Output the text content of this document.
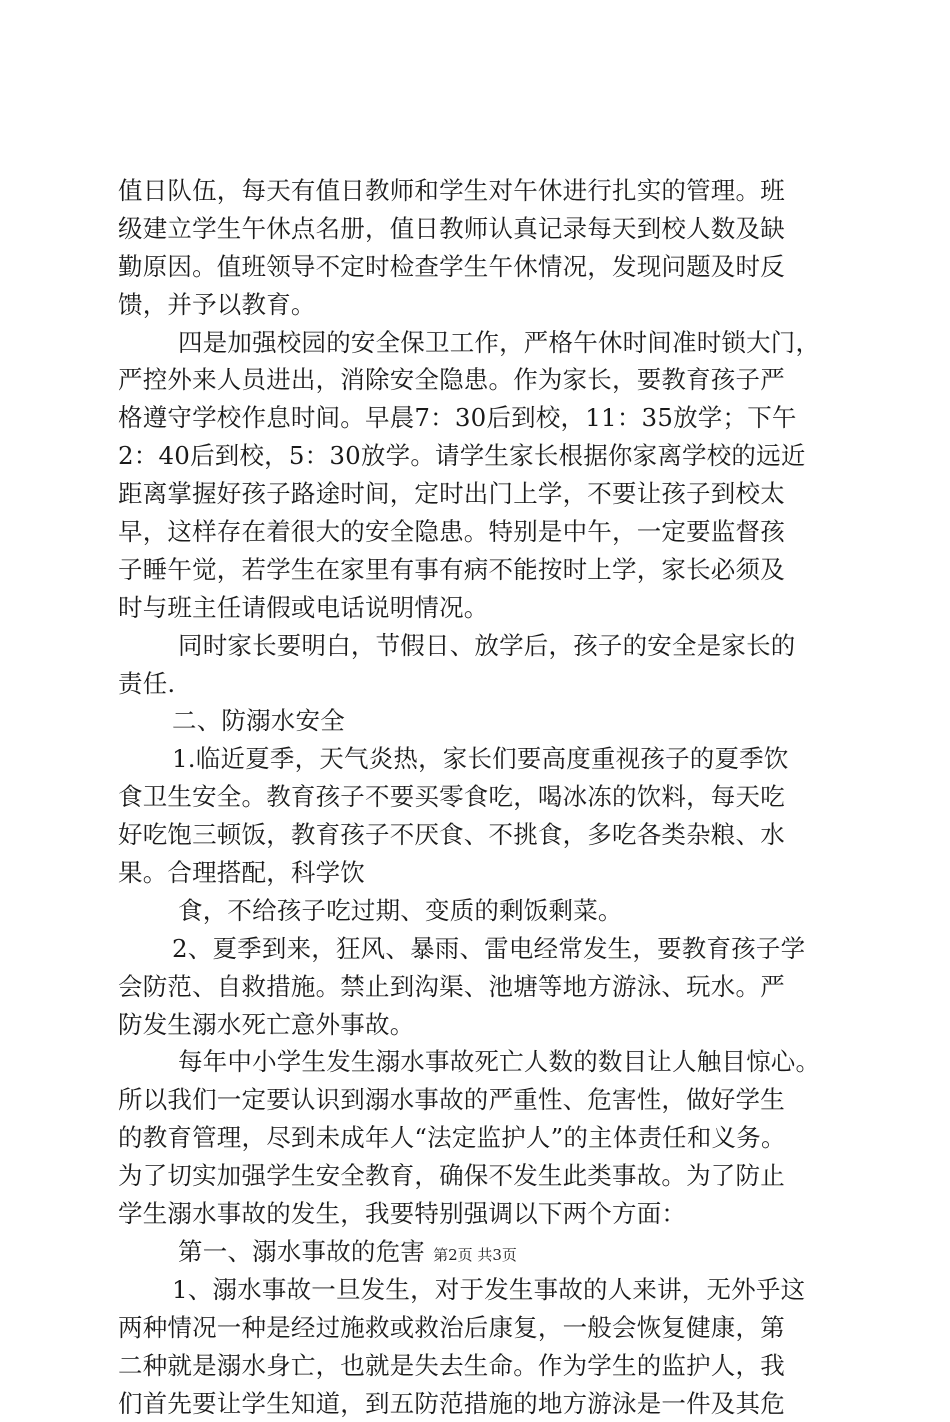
值日队伍，每天有值日教师和学生对午休进行扎实的管理。班
级建立学生午休点名册，值日教师认真记录每天到校人数及缺
勤原因。值班领导不定时检查学生午休情况，发现问题及时反
馈，并予以教育。
四是加强校园的安全保卫工作，严格午休时间准时锁大门，
严控外来人员进出，消除安全隐患。作为家长，要教育孩子严
格遵守学校作息时间。早晨7：30后到校，11：35放学；下午
2：40后到校，5：30放学。请学生家长根据你家离学校的远近
距离掌握好孩子路途时间，定时出门上学，不要让孩子到校太
早，这样存在着很大的安全隐患。特别是中午，一定要监督孩
子睡午觉，若学生在家里有事有病不能按时上学，家长必须及
时与班主任请假或电话说明情况。
同时家长要明白，节假日、放学后，孩子的安全是家长的
责任.
二、防溺水安全
1.临近夏季，天气炎热，家长们要高度重视孩子的夏季饮
食卫生安全。教育孩子不要买零食吃，喝冰冻的饮料，每天吃
好吃饱三顿饭，教育孩子不厌食、不挑食，多吃各类杂粮、水
果。合理搭配，科学饮
食，不给孩子吃过期、变质的剩饭剩菜。
2、夏季到来，狂风、暴雨、雷电经常发生，要教育孩子学
会防范、自救措施。禁止到沟渠、池塘等地方游泳、玩水。严
防发生溺水死亡意外事故。
每年中小学生发生溺水事故死亡人数的数目让人触目惊心。
所以我们一定要认识到溺水事故的严重性、危害性，做好学生
的教育管理，尽到未成年人“法定监护人”的主体责任和义务。
为了切实加强学生安全教育，确保不发生此类事故。为了防止
学生溺水事故的发生，我要特别强调以下两个方面：
第一、溺水事故的危害
1、溺水事故一旦发生，对于发生事故的人来讲，无外乎这
两种情况一种是经过施救或救治后康复，一般会恢复健康，第
二种就是溺水身亡，也就是失去生命。作为学生的监护人，我
们首先要让学生知道，到五防范措施的地方游泳是一件及其危
第2页 共3页
